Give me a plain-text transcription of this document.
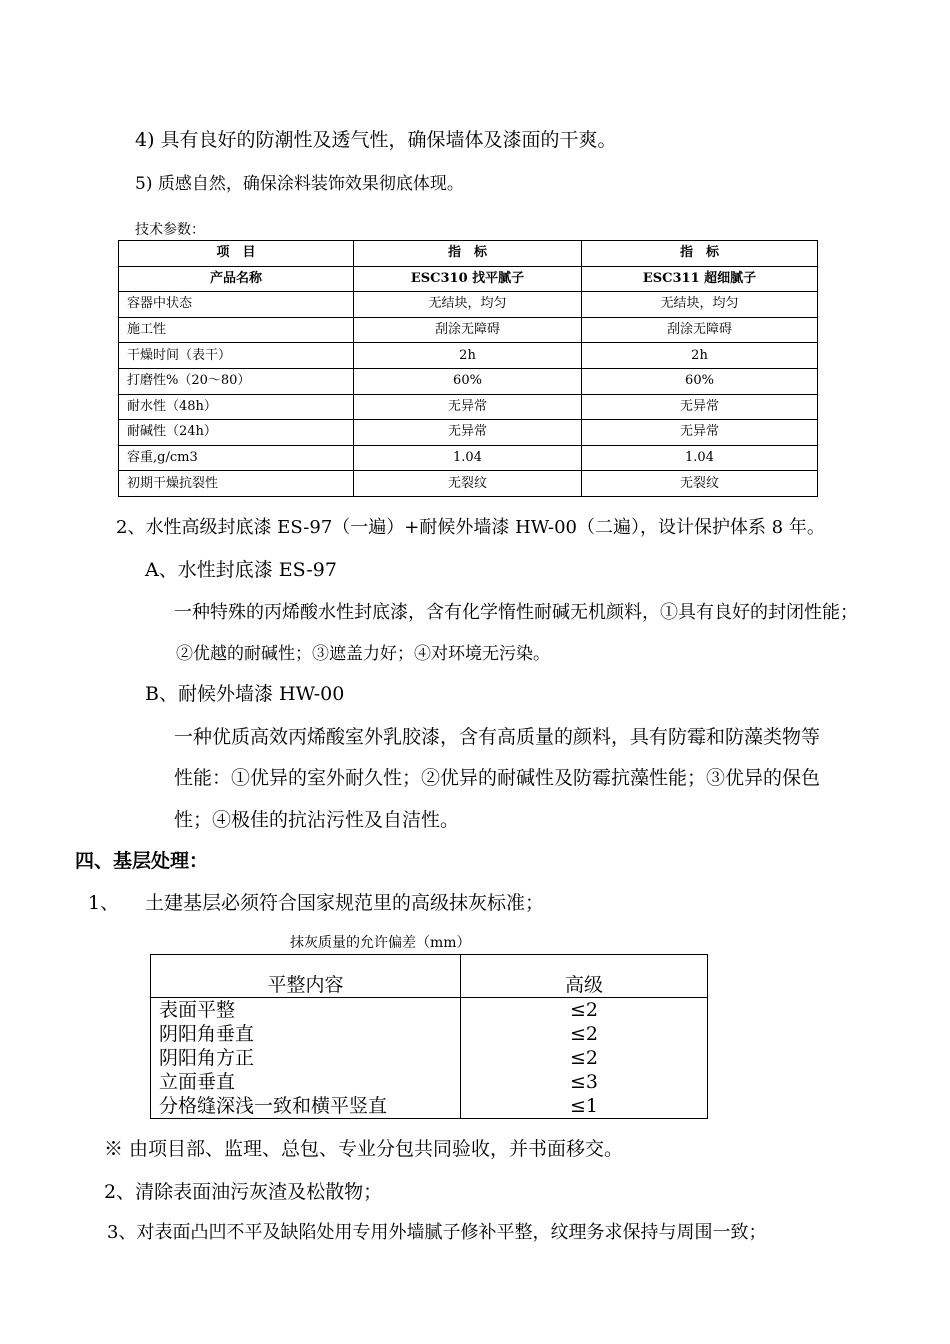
4) 具有良好的防潮性及透气性，确保墙体及漆面的干爽。
5) 质感自然，确保涂料装饰效果彻底体现。
技术参数：
项　目	指　标	指　标
产品名称	ESC310 找平腻子	ESC311 超细腻子
容器中状态	无结块，均匀	无结块，均匀
施工性	刮涂无障碍	刮涂无障碍
干燥时间（表干）	2h	2h
打磨性%（20～80）	60%	60%
耐水性（48h）	无异常	无异常
耐碱性（24h）	无异常	无异常
容重,g/cm3	1.04	1.04
初期干燥抗裂性	无裂纹	无裂纹
2、水性高级封底漆 ES-97（一遍）+耐候外墙漆 HW-00（二遍），设计保护体系 8 年。
A、水性封底漆 ES-97
一种特殊的丙烯酸水性封底漆，含有化学惰性耐碱无机颜料，①具有良好的封闭性能；
②优越的耐碱性；③遮盖力好；④对环境无污染。
B、耐候外墙漆 HW-00
一种优质高效丙烯酸室外乳胶漆，含有高质量的颜料，具有防霉和防藻类物等
性能：①优异的室外耐久性；②优异的耐碱性及防霉抗藻性能；③优异的保色
性；④极佳的抗沾污性及自洁性。
四、基层处理：
1、 土建基层必须符合国家规范里的高级抹灰标准；
抹灰质量的允许偏差（mm）
平整内容	高级
表面平整	≤2
阴阳角垂直	≤2
阴阳角方正	≤2
立面垂直	≤3
分格缝深浅一致和横平竖直	≤1
※ 由项目部、监理、总包、专业分包共同验收，并书面移交。
2、清除表面油污灰渣及松散物；
3、对表面凸凹不平及缺陷处用专用外墙腻子修补平整，纹理务求保持与周围一致；
